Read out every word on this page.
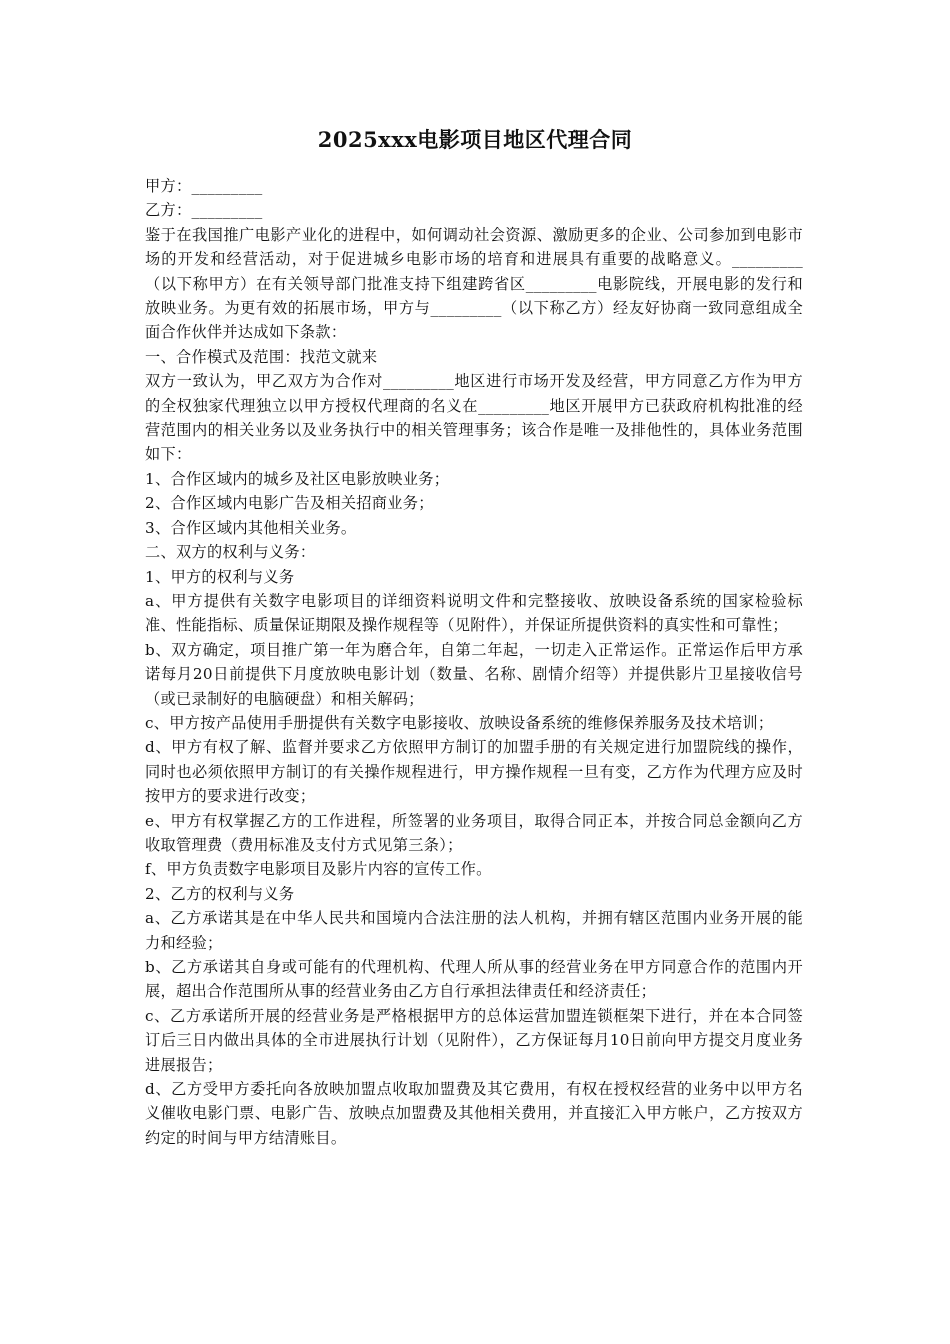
2025xxx电影项目地区代理合同

甲方：_________

乙方：_________

鉴于在我国推广电影产业化的进程中，如何调动社会资源、激励更多的企业、公司参加到电影市场的开发和经营活动，对于促进城乡电影市场的培育和进展具有重要的战略意义。_________（以下称甲方）在有关领导部门批准支持下组建跨省区_________电影院线，开展电影的发行和放映业务。为更有效的拓展市场，甲方与_________（以下称乙方）经友好协商一致同意组成全面合作伙伴并达成如下条款：

一、合作模式及范围：找范文就来

双方一致认为，甲乙双方为合作对_________地区进行市场开发及经营，甲方同意乙方作为甲方的全权独家代理独立以甲方授权代理商的名义在_________地区开展甲方已获政府机构批准的经营范围内的相关业务以及业务执行中的相关管理事务；该合作是唯一及排他性的，具体业务范围如下：

1、合作区域内的城乡及社区电影放映业务；

2、合作区域内电影广告及相关招商业务；

3、合作区域内其他相关业务。

二、双方的权利与义务：

1、甲方的权利与义务

a、甲方提供有关数字电影项目的详细资料说明文件和完整接收、放映设备系统的国家检验标准、性能指标、质量保证期限及操作规程等（见附件），并保证所提供资料的真实性和可靠性；

b、双方确定，项目推广第一年为磨合年，自第二年起，一切走入正常运作。正常运作后甲方承诺每月20日前提供下月度放映电影计划（数量、名称、剧情介绍等）并提供影片卫星接收信号（或已录制好的电脑硬盘）和相关解码；

c、甲方按产品使用手册提供有关数字电影接收、放映设备系统的维修保养服务及技术培训；

d、甲方有权了解、监督并要求乙方依照甲方制订的加盟手册的有关规定进行加盟院线的操作，同时也必须依照甲方制订的有关操作规程进行，甲方操作规程一旦有变，乙方作为代理方应及时按甲方的要求进行改变；

e、甲方有权掌握乙方的工作进程，所签署的业务项目，取得合同正本，并按合同总金额向乙方收取管理费（费用标准及支付方式见第三条）；

f、甲方负责数字电影项目及影片内容的宣传工作。

2、乙方的权利与义务

a、乙方承诺其是在中华人民共和国境内合法注册的法人机构，并拥有辖区范围内业务开展的能力和经验；

b、乙方承诺其自身或可能有的代理机构、代理人所从事的经营业务在甲方同意合作的范围内开展，超出合作范围所从事的经营业务由乙方自行承担法律责任和经济责任；

c、乙方承诺所开展的经营业务是严格根据甲方的总体运营加盟连锁框架下进行，并在本合同签订后三日内做出具体的全市进展执行计划（见附件），乙方保证每月10日前向甲方提交月度业务进展报告；

d、乙方受甲方委托向各放映加盟点收取加盟费及其它费用，有权在授权经营的业务中以甲方名义催收电影门票、电影广告、放映点加盟费及其他相关费用，并直接汇入甲方帐户，乙方按双方约定的时间与甲方结清账目。
